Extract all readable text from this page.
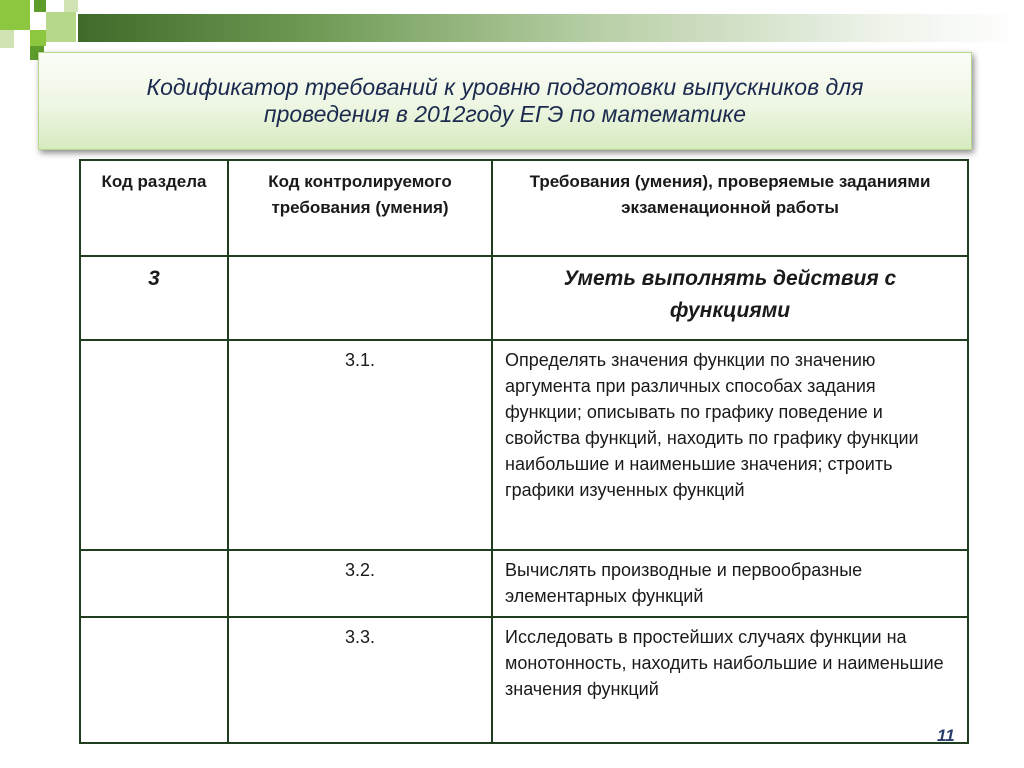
Кодификатор требований к уровню подготовки выпускников для
проведения в 2012году ЕГЭ по математике
Код раздела	Код контролируемого требования (умения)	Требования (умения), проверяемые заданиями экзаменационной работы
3		Уметь выполнять действия с функциями
	3.1.	Определять значения функции по значению аргумента при различных способах задания функции; описывать по графику поведение и свойства функций, находить по графику функции наибольшие и наименьшие значения; строить графики изученных функций
	3.2.	Вычислять производные и первообразные элементарных функций
	3.3.	Исследовать в простейших случаях функции на монотонность, находить наибольшие и наименьшие значения функций
11
